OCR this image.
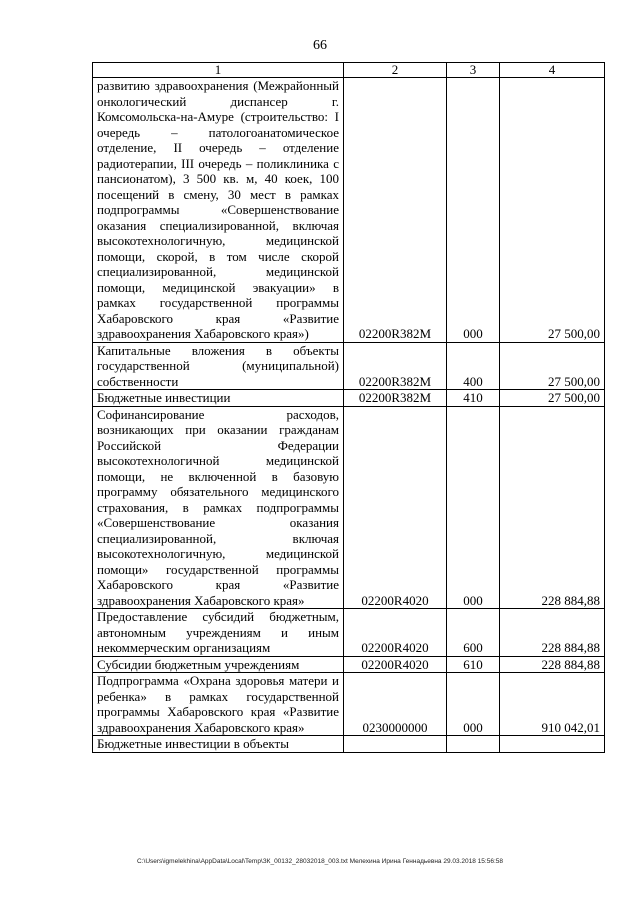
66
1	2	3	4
развитию здравоохранения (Межрайонный онкологический диспансер г. Комсомольска-на-Амуре (строительство: I очередь – патологоанатомическое отделение, II очередь – отделение радиотерапии, III очередь – поликлиника с пансионатом), 3 500 кв. м, 40 коек, 100 посещений в смену, 30 мест в рамках подпрограммы «Совершенствование оказания специализированной, включая высокотехнологичную, медицинской помощи, скорой, в том числе скорой специализированной, медицинской помощи, медицинской эвакуации» в рамках государственной программы Хабаровского края «Развитие здравоохранения Хабаровского края»)	02200R382M	000	27 500,00
Капитальные вложения в объекты государственной (муниципальной) собственности	02200R382M	400	27 500,00
Бюджетные инвестиции	02200R382M	410	27 500,00
Софинансирование расходов, возникающих при оказании гражданам Российской Федерации высокотехнологичной медицинской помощи, не включенной в базовую программу обязательного медицинского страхования, в рамках подпрограммы «Совершенствование оказания специализированной, включая высокотехнологичную, медицинской помощи» государственной программы Хабаровского края «Развитие здравоохранения Хабаровского края»	02200R4020	000	228 884,88
Предоставление субсидий бюджетным, автономным учреждениям и иным некоммерческим организациям	02200R4020	600	228 884,88
Субсидии бюджетным учреждениям	02200R4020	610	228 884,88
Подпрограмма «Охрана здоровья матери и ребенка» в рамках государственной программы Хабаровского края «Развитие здравоохранения Хабаровского края»	0230000000	000	910 042,01
Бюджетные инвестиции в объекты			
C:\Users\igmelekhina\AppData\Local\Temp\ЗК_00132_28032018_003.txt Мелехина Ирина Геннадьевна 29.03.2018 15:56:58
